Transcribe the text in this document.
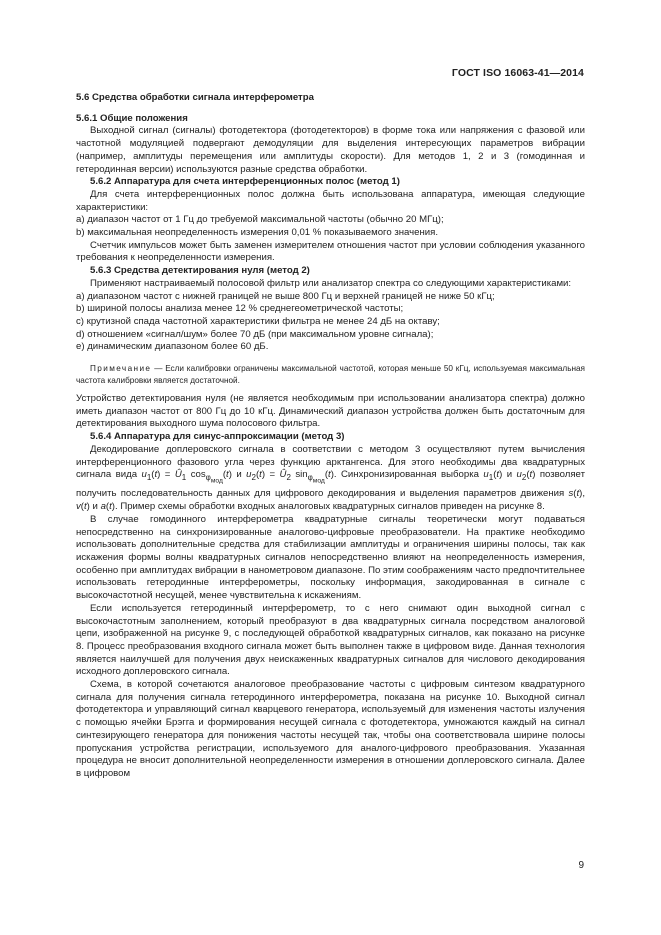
ГОСТ ISO 16063-41—2014
5.6 Средства обработки сигнала интерферометра
5.6.1 Общие положения

Выходной сигнал (сигналы) фотодетектора (фотодетекторов) в форме тока или напряжения с фазовой или частотной модуляцией подвергают демодуляции для выделения интересующих параметров вибрации (например, амплитуды перемещения или амплитуды скорости). Для методов 1, 2 и 3 (гомодинная и гетеродинная версии) используются разные средства обработки.

5.6.2 Аппаратура для счета интерференционных полос (метод 1)

Для счета интерференционных полос должна быть использована аппаратура, имеющая следующие характеристики:

а) диапазон частот от 1 Гц до требуемой максимальной частоты (обычно 20 МГц);

b) максимальная неопределенность измерения 0,01 % показываемого значения.

Счетчик импульсов может быть заменен измерителем отношения частот при условии соблюдения указанного требования к неопределенности измерения.

5.6.3 Средства детектирования нуля (метод 2)

Применяют настраиваемый полосовой фильтр или анализатор спектра со следующими характеристиками:

a) диапазоном частот с нижней границей не выше 800 Гц и верхней границей не ниже 50 кГц;

b) шириной полосы анализа менее 12 % среднегеометрической частоты;

c) крутизной спада частотной характеристики фильтра не менее 24 дБ на октаву;

d) отношением «сигнал/шум» более 70 дБ (при максимальном уровне сигнала);

e) динамическим диапазоном более 60 дБ.

Примечание — Если калибровки ограничены максимальной частотой, которая меньше 50 кГц, используемая максимальная частота калибровки является достаточной.

Устройство детектирования нуля (не является необходимым при использовании анализатора спектра) должно иметь диапазон частот от 800 Гц до 10 кГц. Динамический диапазон устройства должен быть достаточным для детектирования выходного шума полосового фильтра.

5.6.4 Аппаратура для синус-аппроксимации (метод 3)

Декодирование доплеровского сигнала в соответствии с методом 3 осуществляют путем вычисления интерференционного фазового угла через функцию арктангенса. Для этого необходимы два квадратурных сигнала вида $u_1(t)$ = $Û_1$ $\cos_{\varphi_{мод}}(t)$ и $u_2(t)$ = $Û_2$ $\sin_{\varphi_{мод}}(t)$. Синхронизированная выборка $u_1(t)$ и $u_2(t)$ позволяет получить последовательность данных для цифрового декодирования и выделения параметров движения s(t), v(t) и a(t). Пример схемы обработки входных аналоговых квадратурных сигналов приведен на рисунке 8.

В случае гомодинного интерферометра квадратурные сигналы теоретически могут подаваться непосредственно на синхронизированные аналогово-цифровые преобразователи. На практике необходимо использовать дополнительные средства для стабилизации амплитуды и ограничения ширины полосы, так как искажения формы волны квадратурных сигналов непосредственно влияют на неопределенность измерения, особенно при амплитудах вибрации в нанометровом диапазоне. По этим соображениям часто предпочтительнее использовать гетеродинные интерферометры, поскольку информация, закодированная в сигнале с высокочастотной несущей, менее чувствительна к искажениям.

Если используется гетеродинный интерферометр, то с него снимают один выходной сигнал с высокочастотным заполнением, который преобразуют в два квадратурных сигнала посредством аналоговой цепи, изображенной на рисунке 9, с последующей обработкой квадратурных сигналов, как показано на рисунке 8. Процесс преобразования входного сигнала может быть выполнен также в цифровом виде. Данная технология является наилучшей для получения двух неискаженных квадратурных сигналов для числового декодирования исходного доплеровского сигнала.

Схема, в которой сочетаются аналоговое преобразование частоты с цифровым синтезом квадратурного сигнала для получения сигнала гетеродинного интерферометра, показана на рисунке 10. Выходной сигнал фотодетектора и управляющий сигнал кварцевого генератора, используемый для изменения частоты излучения с помощью ячейки Брэгга и формирования несущей сигнала с фотодетектора, умножаются каждый на сигнал синтезирующего генератора для понижения частоты несущей так, чтобы она соответствовала ширине полосы пропускания устройства регистрации, используемого для аналого-цифрового преобразования. Указанная процедура не вносит дополнительной неопределенности измерения в отношении доплеровского сигнала. Далее в цифровом

9
